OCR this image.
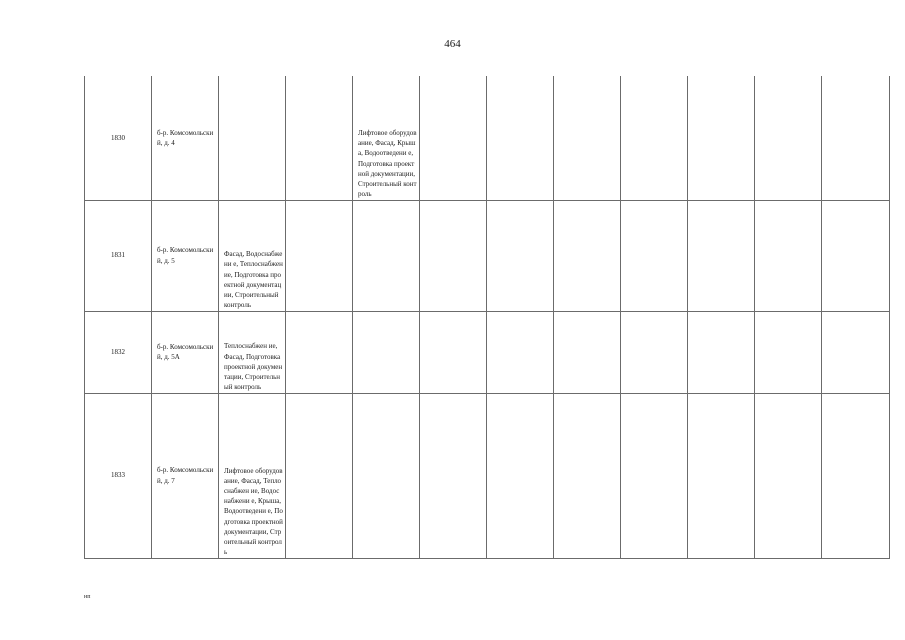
464
1830	б-р. Комсомольски й, д. 4			Лифтовое оборудование, Фасад, Крыша, Водоотведени е, Подготовка проектной документации, Строительный контроль							
1831	б-р. Комсомольски й, д. 5	Фасад, Водоснабжени е, Теплоснабжен ие, Подготовка проектной документации, Строительный контроль									
1832	б-р. Комсомольски й, д. 5А	Теплоснабжен ие, Фасад, Подготовка проектной документации, Строительный контроль									
1833	б-р. Комсомольски й, д. 7	Лифтовое оборудование, Фасад, Теплоснабжен ие, Водоснабжени е, Крыша, Водоотведени е, Подготовка проектной документации, Строительный контроль									
нп
